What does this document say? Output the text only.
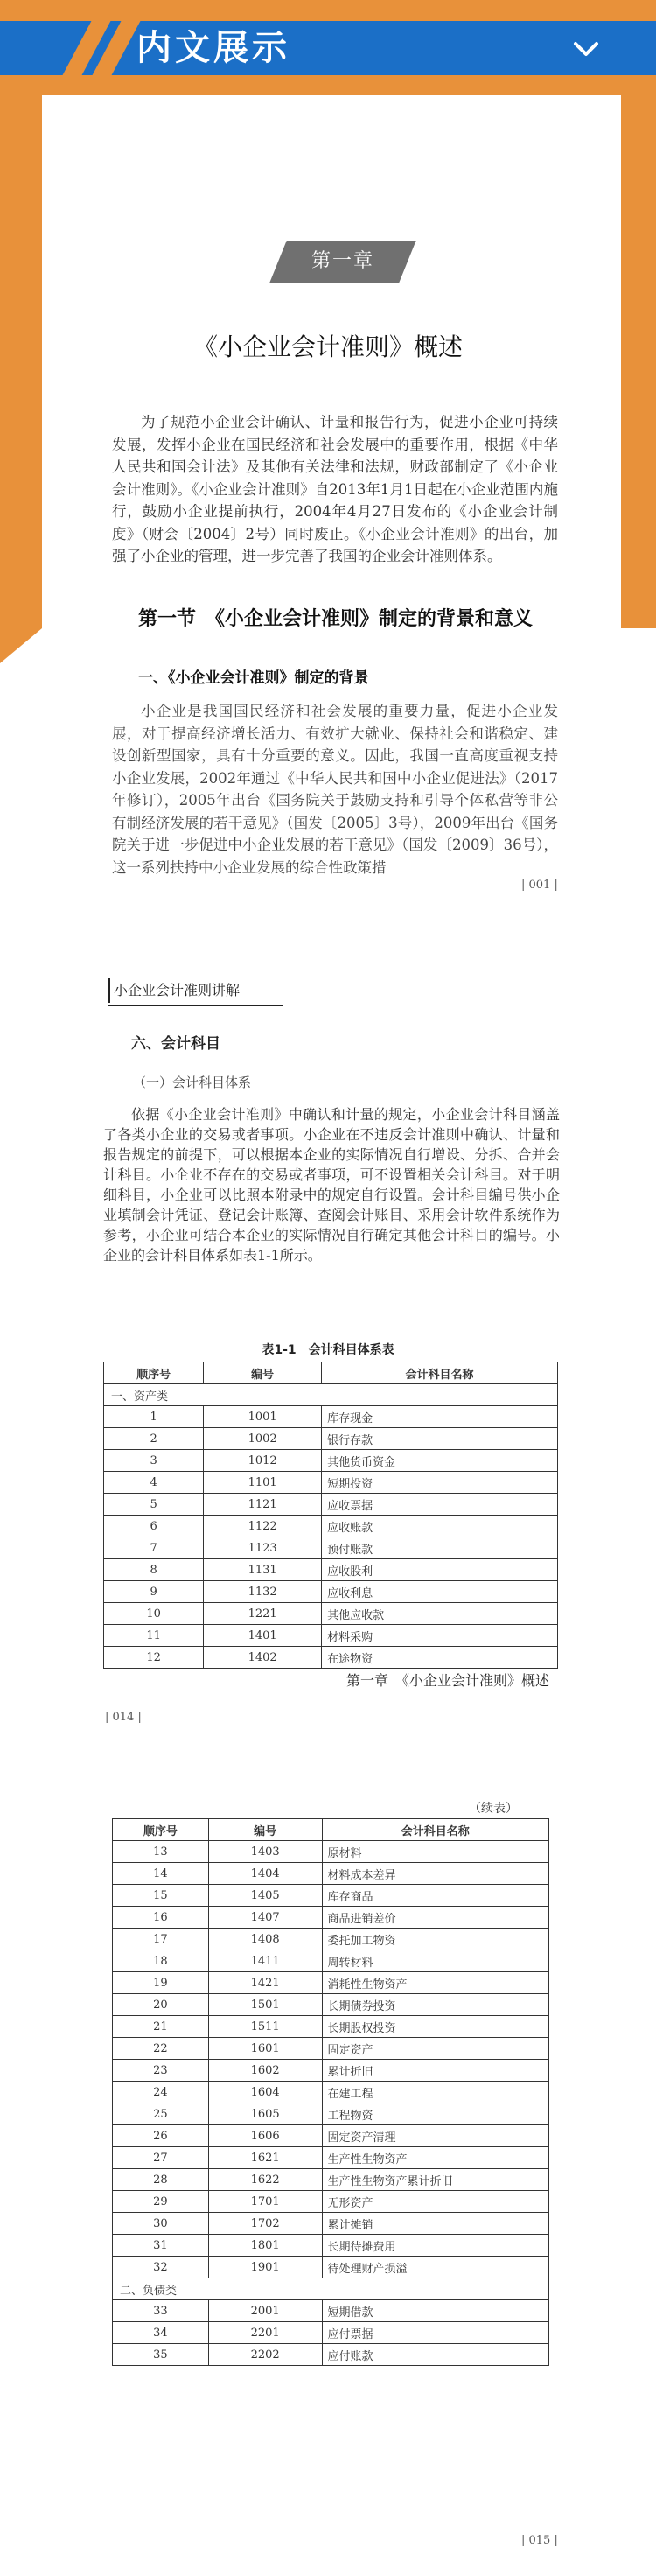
内文展示
第一章
《小企业会计准则》概述
为了规范小企业会计确认、计量和报告行为，促进小企业可持续发展，发挥小企业在国民经济和社会发展中的重要作用，根据《中华人民共和国会计法》及其他有关法律和法规，财政部制定了《小企业会计准则》。《小企业会计准则》自2013年1月1日起在小企业范围内施行，鼓励小企业提前执行，2004年4月27日发布的《小企业会计制度》（财会〔2004〕2号）同时废止。《小企业会计准则》的出台，加强了小企业的管理，进一步完善了我国的企业会计准则体系。
第一节　《小企业会计准则》制定的背景和意义
一、《小企业会计准则》制定的背景
小企业是我国国民经济和社会发展的重要力量，促进小企业发展，对于提高经济增长活力、有效扩大就业、保持社会和谐稳定、建设创新型国家，具有十分重要的意义。因此，我国一直高度重视支持小企业发展，2002年通过《中华人民共和国中小企业促进法》（2017年修订），2005年出台《国务院关于鼓励支持和引导个体私营等非公有制经济发展的若干意见》（国发〔2005〕3号），2009年出台《国务院关于进一步促进中小企业发展的若干意见》（国发〔2009〕36号），这一系列扶持中小企业发展的综合性政策措
| 001 |
小企业会计准则讲解
六、会计科目
（一）会计科目体系
依据《小企业会计准则》中确认和计量的规定，小企业会计科目涵盖了各类小企业的交易或者事项。小企业在不违反会计准则中确认、计量和报告规定的前提下，可以根据本企业的实际情况自行增设、分拆、合并会计科目。小企业不存在的交易或者事项，可不设置相关会计科目。对于明细科目，小企业可以比照本附录中的规定自行设置。会计科目编号供小企业填制会计凭证、登记会计账簿、查阅会计账目、采用会计软件系统作为参考，小企业可结合本企业的实际情况自行确定其他会计科目的编号。小企业的会计科目体系如表1-1所示。
表1-1　会计科目体系表
顺序号	编号	会计科目名称
一、资产类		
1	1001	库存现金
2	1002	银行存款
3	1012	其他货币资金
4	1101	短期投资
5	1121	应收票据
6	1122	应收账款
7	1123	预付账款
8	1131	应收股利
9	1132	应收利息
10	1221	其他应收款
11	1401	材料采购
12	1402	在途物资
| 014 |
第一章　《小企业会计准则》概述
（续表）
顺序号	编号	会计科目名称
13	1403	原材料
14	1404	材料成本差异
15	1405	库存商品
16	1407	商品进销差价
17	1408	委托加工物资
18	1411	周转材料
19	1421	消耗性生物资产
20	1501	长期债券投资
21	1511	长期股权投资
22	1601	固定资产
23	1602	累计折旧
24	1604	在建工程
25	1605	工程物资
26	1606	固定资产清理
27	1621	生产性生物资产
28	1622	生产性生物资产累计折旧
29	1701	无形资产
30	1702	累计摊销
31	1801	长期待摊费用
32	1901	待处理财产损溢
二、负债类		
33	2001	短期借款
34	2201	应付票据
35	2202	应付账款
| 015 |
